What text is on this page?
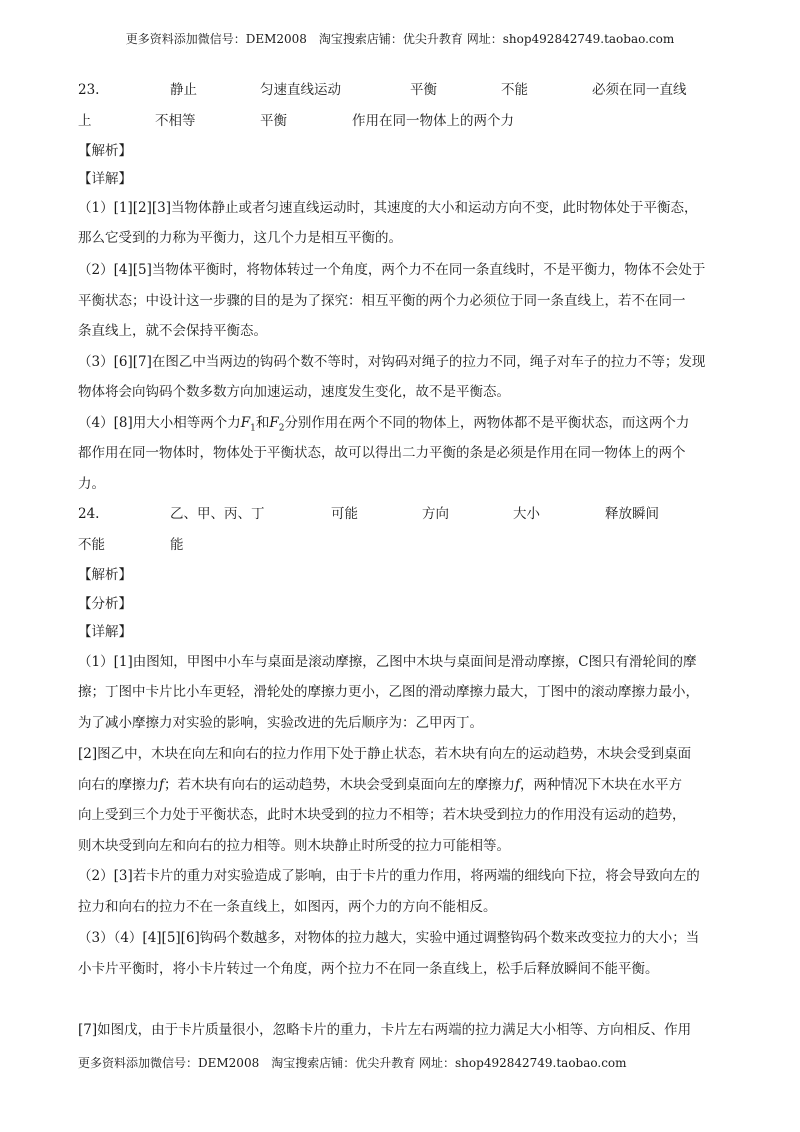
更多资料添加微信号：DEM2008　淘宝搜索店铺：优尖升教育 网址：shop492842749.taobao.com
23.	静止	匀速直线运动	平衡	不能	必须在同一直线
上	不相等	平衡	作用在同一物体上的两个力
【解析】
【详解】
（1）[1][2][3]当物体静止或者匀速直线运动时，其速度的大小和运动方向不变，此时物体处于平衡态，
那么它受到的力称为平衡力，这几个力是相互平衡的。
（2）[4][5]当物体平衡时，将物体转过一个角度，两个力不在同一条直线时，不是平衡力，物体不会处于
平衡状态；中设计这一步骤的目的是为了探究：相互平衡的两个力必须位于同一条直线上，若不在同一
条直线上，就不会保持平衡态。
（3）[6][7]在图乙中当两边的钩码个数不等时，对钩码对绳子的拉力不同，绳子对车子的拉力不等；发现
物体将会向钩码个数多数方向加速运动，速度发生变化，故不是平衡态。
（4）[8]用大小相等两个力$F_1$和$F_2$分别作用在两个不同的物体上，两物体都不是平衡状态，而这两个力
都作用在同一物体时，物体处于平衡状态，故可以得出二力平衡的条是必须是作用在同一物体上的两个
力。
24.	乙、甲、丙、丁	可能	方向	大小	释放瞬间
不能	能
【解析】
【分析】
【详解】
（1）[1]由图知，甲图中小车与桌面是滚动摩擦，乙图中木块与桌面间是滑动摩擦，C图只有滑轮间的摩
擦；丁图中卡片比小车更轻，滑轮处的摩擦力更小，乙图的滑动摩擦力最大，丁图中的滚动摩擦力最小，
为了减小摩擦力对实验的影响，实验改进的先后顺序为：乙甲丙丁。
[2]图乙中，木块在向左和向右的拉力作用下处于静止状态，若木块有向左的运动趋势，木块会受到桌面
向右的摩擦力f；若木块有向右的运动趋势，木块会受到桌面向左的摩擦力f，两种情况下木块在水平方
向上受到三个力处于平衡状态，此时木块受到的拉力不相等；若木块受到拉力的作用没有运动的趋势，
则木块受到向左和向右的拉力相等。则木块静止时所受的拉力可能相等。
（2）[3]若卡片的重力对实验造成了影响，由于卡片的重力作用，将两端的细线向下拉，将会导致向左的
拉力和向右的拉力不在一条直线上，如图丙，两个力的方向不能相反。
（3）（4）[4][5][6]钩码个数越多，对物体的拉力越大，实验中通过调整钩码个数来改变拉力的大小；当
小卡片平衡时，将小卡片转过一个角度，两个拉力不在同一条直线上，松手后释放瞬间不能平衡。
[7]如图戊，由于卡片质量很小，忽略卡片的重力，卡片左右两端的拉力满足大小相等、方向相反、作用
更多资料添加微信号：DEM2008　淘宝搜索店铺：优尖升教育 网址：shop492842749.taobao.com
